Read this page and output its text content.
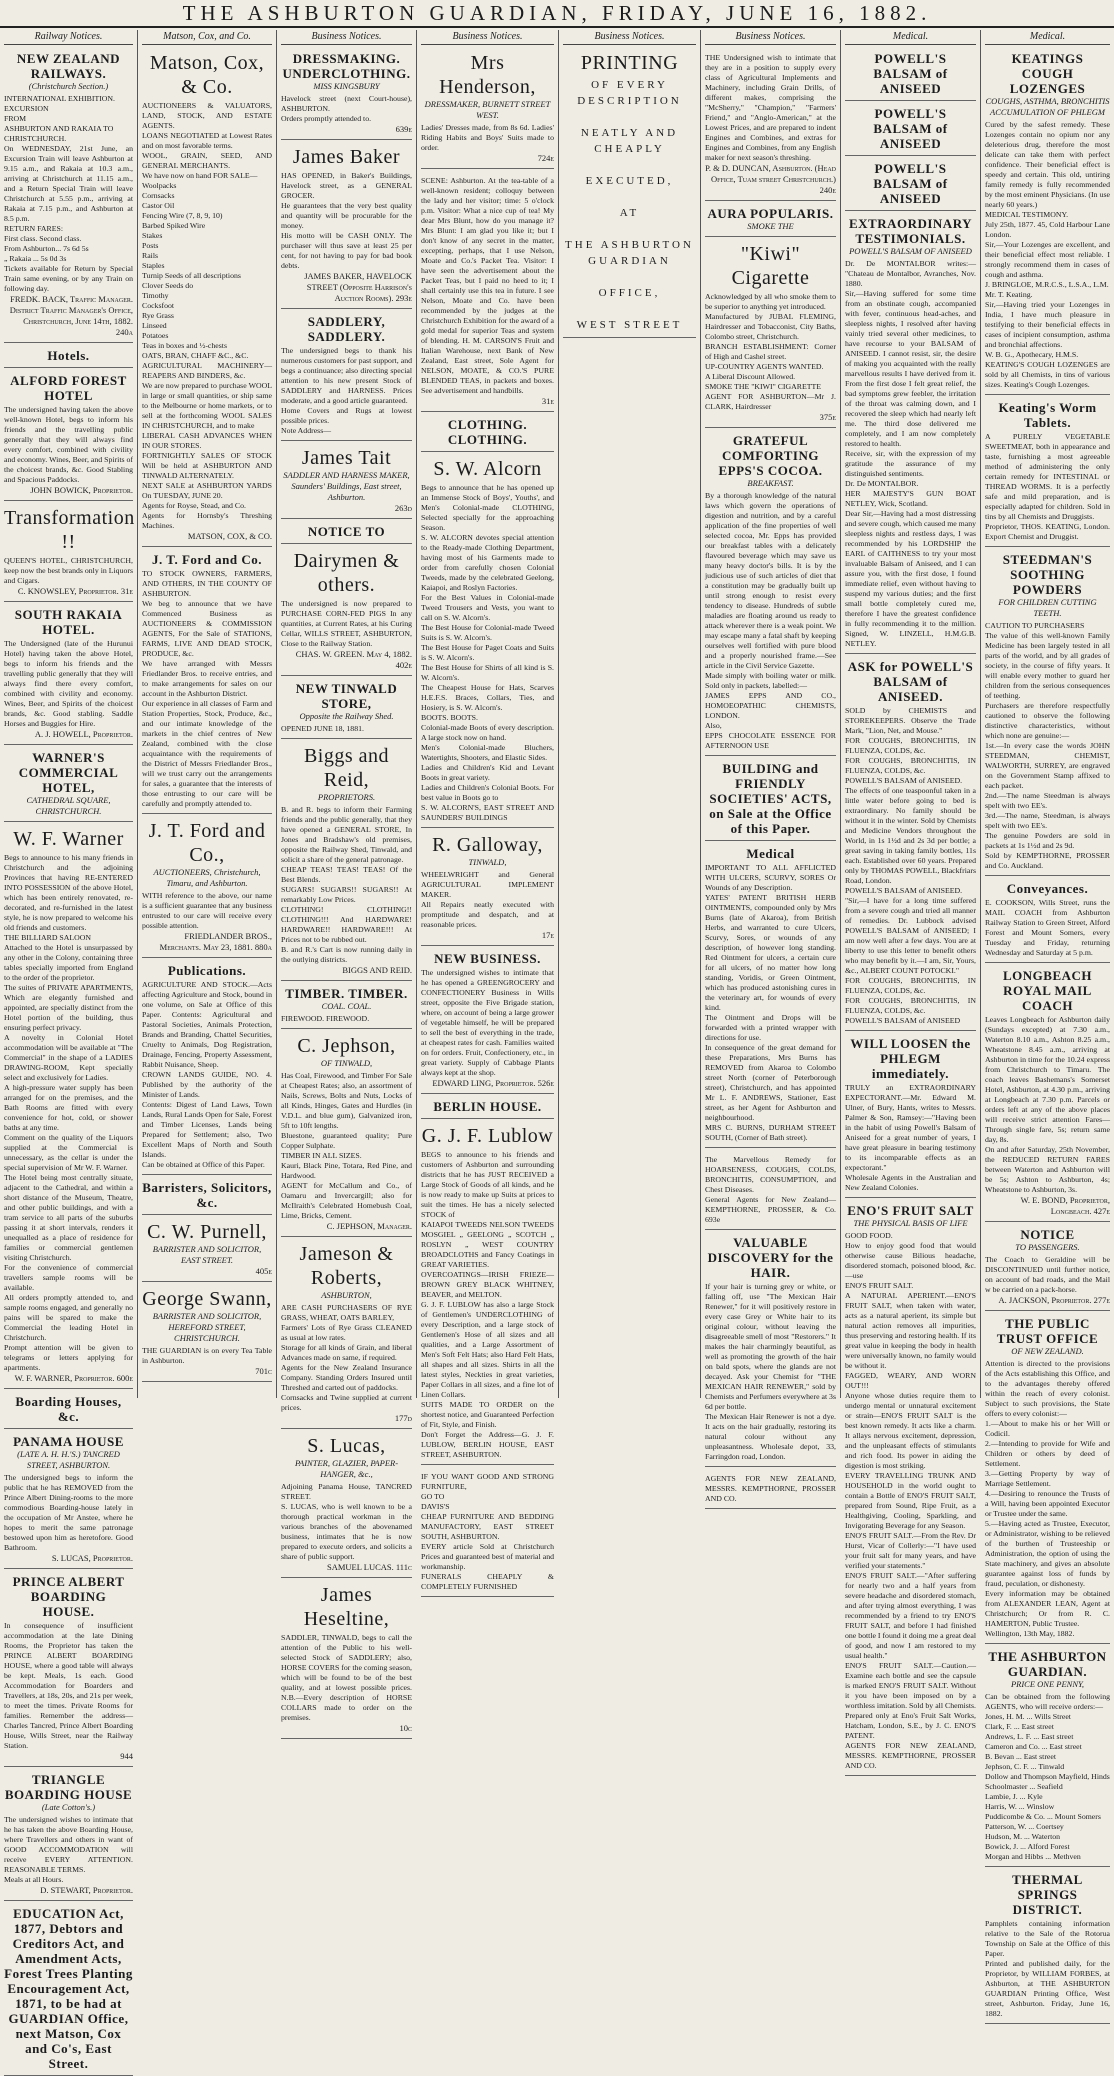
THE ASHBURTON GUARDIAN, FRIDAY, JUNE 16, 1882.
Railway Notices.
NEW ZEALAND RAILWAYS.
(Christchurch Section.)
INTERNATIONAL EXHIBITION.
EXCURSION
FROM
ASHBURTON AND RAKAIA TO
CHRISTCHURCH.
On WEDNESDAY, 21st June, an Excursion Train will leave Ashburton at 9.15 a.m., and Rakaia at 10.3 a.m., arriving at Christchurch at 11.15 a.m., and a Return Special Train will leave Christchurch at 5.55 p.m., arriving at Rakaia at 7.15 p.m., and Ashburton at 8.5 p.m.
RETURN FARES:
First class. Second class.
From Ashburton... 7s 6d 5s
„ Rakaia ... 5s 0d 3s
Tickets available for Return by Special Train same evening, or by any Train on following day.
FREDK. BACK, Traffic Manager. District Traffic Manager's Office, Christchurch, June 14th, 1882. 240a
Hotels.
ALFORD FOREST HOTEL
The undersigned having taken the above well-known Hotel, begs to inform his friends and the travelling public generally that they will always find every comfort, combined with civility and economy. Wines, Beer, and Spirits of the choicest brands, &c. Good Stabling and Spacious Paddocks.
JOHN BOWICK, Proprietor.
Transformation !!
QUEEN'S HOTEL, CHRISTCHURCH, keep now the best brands only in Liquors and Cigars.
C. KNOWSLEY, Proprietor. 31e
SOUTH RAKAIA HOTEL.
The Undersigned (late of the Hurunui Hotel) having taken the above Hotel, begs to inform his friends and the travelling public generally that they will always find there every comfort, combined with civility and economy. Wines, Beer, and Spirits of the choicest brands, &c. Good stabling. Saddle Horses and Buggies for Hire.
A. J. HOWELL, Proprietor.
WARNER'S COMMERCIAL HOTEL,
CATHEDRAL SQUARE, CHRISTCHURCH.
W. F. Warner
Begs to announce to his many friends in Christchurch and the adjoining Provinces that having RE-ENTERED INTO POSSESSION of the above Hotel, which has been entirely renovated, re-decorated, and re-furnished in the latest style, he is now prepared to welcome his old friends and customers.
THE BILLIARD SALOON
Attached to the Hotel is unsurpassed by any other in the Colony, containing three tables specially imported from England to the order of the proprietor.
The suites of PRIVATE APARTMENTS, Which are elegantly furnished and appointed, are specially distinct from the Hotel portion of the building, thus ensuring perfect privacy.
A novelty in Colonial Hotel accommodation will be available at "The Commercial" in the shape of a LADIES DRAWING-ROOM, Kept specially select and exclusively for Ladies.
A high-pressure water supply has been arranged for on the premises, and the Bath Rooms are fitted with every convenience for hot, cold, or shower baths at any time.
Comment on the quality of the Liquors supplied at the Commercial is unnecessary, as the cellar is under the special supervision of Mr W. F. Warner.
The Hotel being most centrally situate, adjacent to the Cathedral, and within a short distance of the Museum, Theatre, and other public buildings, and with a tram service to all parts of the suburbs passing it at short intervals, renders it unequalled as a place of residence for families or commercial gentlemen visiting Christchurch.
For the convenience of commercial travellers sample rooms will be available.
All orders promptly attended to, and sample rooms engaged, and generally no pains will be spared to make the Commercial the leading Hotel in Christchurch.
Prompt attention will be given to telegrams or letters applying for apartments.
W. F. WARNER, Proprietor. 600e
Boarding Houses, &c.
PANAMA HOUSE
(LATE A. H. H.'S.) TANCRED STREET, ASHBURTON.
The undersigned begs to inform the public that he has REMOVED from the Prince Albert Dining-rooms to the more commodious Boarding-house lately in the occupation of Mr Anstee, where he hopes to merit the same patronage bestowed upon him as heretofore. Good Bathroom.
S. LUCAS, Proprietor.
PRINCE ALBERT BOARDING HOUSE.
In consequence of insufficient accommodation at the late Dining Rooms, the Proprietor has taken the PRINCE ALBERT BOARDING HOUSE, where a good table will always be kept. Meals, 1s each. Good Accommodation for Boarders and Travellers, at 18s, 20s, and 21s per week, to meet the times. Private Rooms for families. Remember the address—Charles Tancred, Prince Albert Boarding House, Wills Street, near the Railway Station.
944
TRIANGLE BOARDING HOUSE
(Late Cotton's.)
The undersigned wishes to intimate that he has taken the above Boarding House, where Travellers and others in want of GOOD ACCOMMODATION will receive EVERY ATTENTION. REASONABLE TERMS.
Meals at all Hours.
D. STEWART, Proprietor.
EDUCATION Act, 1877, Debtors and Creditors Act, and Amendment Acts, Forest Trees Planting Encouragement Act, 1871, to be had at GUARDIAN Office, next Matson, Cox and Co's, East Street.
Matson, Cox, and Co.
Matson, Cox, & Co.
AUCTIONEERS & VALUATORS, LAND, STOCK, AND ESTATE AGENTS.
LOANS NEGOTIATED at Lowest Rates and on most favorable terms.
WOOL, GRAIN, SEED, AND GENERAL MERCHANTS.
We have now on hand FOR SALE—
Woolpacks
Cornsacks
Castor Oil
Fencing Wire (7, 8, 9, 10)
Barbed Spiked Wire
Stakes
Posts
Rails
Staples
Turnip Seeds of all descriptions
Clover Seeds do
Timothy
Cocksfoot
Rye Grass
Linseed
Potatoes
Teas in boxes and ½-chests
OATS, BRAN, CHAFF &C., &C.
AGRICULTURAL MACHINERY—REAPERS AND BINDERS, &c.
We are now prepared to purchase WOOL in large or small quantities, or ship same to the Melbourne or home markets, or to sell at the forthcoming WOOL SALES IN CHRISTCHURCH, and to make
LIBERAL CASH ADVANCES WHEN IN OUR STORES.
FORTNIGHTLY SALES OF STOCK Will be held at ASHBURTON AND TINWALD ALTERNATELY.
NEXT SALE at ASHBURTON YARDS On TUESDAY, JUNE 20.
Agents for Royse, Stead, and Co.
Agents for Hornsby's Threshing Machines.
MATSON, COX, & CO.
J. T. Ford and Co.
TO STOCK OWNERS, FARMERS, AND OTHERS, IN THE COUNTY OF ASHBURTON.
We beg to announce that we have Commenced Business as AUCTIONEERS & COMMISSION AGENTS, For the Sale of STATIONS, FARMS, LIVE AND DEAD STOCK, PRODUCE, &c.
We have arranged with Messrs Friedlander Bros. to receive entries, and to make arrangements for sales on our account in the Ashburton District.
Our experience in all classes of Farm and Station Properties, Stock, Produce, &c., and our intimate knowledge of the markets in the chief centres of New Zealand, combined with the close acquaintance with the requirements of the District of Messrs Friedlander Bros., will we trust carry out the arrangements for sales, a guarantee that the interests of those entrusting to our care will be carefully and promptly attended to.
J. T. Ford and Co.,
AUCTIONEERS, Christchurch, Timaru, and Ashburton.
WITH reference to the above, our name is a sufficient guarantee that any business entrusted to our care will receive every possible attention.
FRIEDLANDER BROS., Merchants. May 23, 1881. 880a
Publications.
AGRICULTURE AND STOCK.—Acts affecting Agriculture and Stock, bound in one volume, on Sale at Office of this Paper. Contents: Agricultural and Pastoral Societies, Animals Protection, Brands and Branding, Chattel Securities, Cruelty to Animals, Dog Registration, Drainage, Fencing, Property Assessment, Rabbit Nuisance, Sheep.
CROWN LANDS GUIDE, NO. 4. Published by the authority of the Minister of Lands.
Contents: Digest of Land Laws, Town Lands, Rural Lands Open for Sale, Forest and Timber Licenses, Lands being Prepared for Settlement; also, Two Excellent Maps of North and South Islands.
Can be obtained at Office of this Paper.
Barristers, Solicitors, &c.
C. W. Purnell,
BARRISTER AND SOLICITOR, EAST STREET.
405e
George Swann,
BARRISTER AND SOLICITOR, HEREFORD STREET, CHRISTCHURCH.
THE GUARDIAN is on every Tea Table in Ashburton.
701c
Business Notices.
DRESSMAKING. UNDERCLOTHING.
MISS KINGSBURY
Havelock street (next Court-house), ASHBURTON.
Orders promptly attended to.
639e
James Baker
HAS OPENED, in Baker's Buildings, Havelock street, as a GENERAL GROCER.
He guarantees that the very best quality and quantity will be procurable for the money.
His motto will be CASH ONLY. The purchaser will thus save at least 25 per cent, for not having to pay for bad book debts.
JAMES BAKER, HAVELOCK STREET (Opposite Harrison's Auction Rooms). 293e
SADDLERY, SADDLERY.
The undersigned begs to thank his numerous customers for past support, and begs a continuance; also directing special attention to his new present Stock of SADDLERY and HARNESS. Prices moderate, and a good article guaranteed.
Home Covers and Rugs at lowest possible prices.
Note Address—
James Tait
SADDLER AND HARNESS MAKER, Saunders' Buildings, East street, Ashburton.
263d
NOTICE TO
Dairymen & others.
The undersigned is now prepared to PURCHASE CORN-FED PIGS In any quantities, at Current Rates, at his Curing Cellar, WILLS STREET, ASHBURTON, Close to the Railway Station.
CHAS. W. GREEN. May 4, 1882. 402e
NEW TINWALD STORE,
Opposite the Railway Shed.
OPENED JUNE 18, 1881.
Biggs and Reid,
PROPRIETORS.
B. and R. begs to inform their Farming friends and the public generally, that they have opened a GENERAL STORE, In Jones and Bradshaw's old premises, opposite the Railway Shed, Tinwald, and solicit a share of the general patronage.
CHEAP TEAS! TEAS! TEAS! Of the Best Blends.
SUGARS! SUGARS!! SUGARS!! At remarkably Low Prices.
CLOTHING! CLOTHING!! CLOTHING!!! And HARDWARE! HARDWARE!! HARDWARE!!! At Prices not to be rubbed out.
B. and R.'s Cart is now running daily in the outlying districts.
BIGGS AND REID.
TIMBER. TIMBER.
COAL. COAL.
FIREWOOD. FIREWOOD.
C. Jephson,
OF TINWALD,
Has Coal, Firewood, and Timber For Sale at Cheapest Rates; also, an assortment of Nails, Screws, Bolts and Nuts, Locks of all Kinds, Hinges, Gates and Hurdles (in V.D.L. and blue gum), Galvanized iron, 5ft to 10ft lengths.
Bluestone, guaranteed quality; Pure Copper Sulphate.
TIMBER IN ALL SIZES.
Kauri, Black Pine, Totara, Red Pine, and Hardwood.
AGENT for McCallum and Co., of Oamaru and Invercargill; also for McIlraith's Celebrated Homebush Coal, Lime, Bricks, Cement.
C. JEPHSON, Manager.
Jameson & Roberts,
ASHBURTON,
ARE CASH PURCHASERS OF RYE GRASS, WHEAT, OATS BARLEY,
Farmers' Lots of Rye Grass CLEANED as usual at low rates.
Storage for all kinds of Grain, and liberal Advances made on same, if required.
Agents for the New Zealand Insurance Company. Standing Orders Insured until Threshed and carted out of paddocks.
Cornsacks and Twine supplied at current prices.
177d
S. Lucas,
PAINTER, GLAZIER, PAPER-HANGER, &c.,
Adjoining Panama House, TANCRED STREET.
S. LUCAS, who is well known to be a thorough practical workman in the various branches of the abovenamed business, intimates that he is now prepared to execute orders, and solicits a share of public support.
SAMUEL LUCAS. 111c
James Heseltine,
SADDLER, TINWALD, begs to call the attention of the Public to his well-selected Stock of SADDLERY; also, HORSE COVERS for the coming season, which will be found to be of the best quality, and at lowest possible prices. N.B.—Every description of HORSE COLLARS made to order on the premises.
10c
Business Notices.
Mrs Henderson,
DRESSMAKER, BURNETT STREET WEST.
Ladies' Dresses made, from 8s 6d. Ladies' Riding Habits and Boys' Suits made to order.
724e
SCENE: Ashburton. At the tea-table of a well-known resident; colloquy between the lady and her visitor; time: 5 o'clock p.m. Visitor: What a nice cup of tea! My dear Mrs Blunt, how do you manage it? Mrs Blunt: I am glad you like it; but I don't know of any secret in the matter, excepting, perhaps, that I use Nelson, Moate and Co.'s Packet Tea. Visitor: I have seen the advertisement about the Packet Teas, but I paid no heed to it; I shall certainly use this tea in future. I see Nelson, Moate and Co. have been recommended by the judges at the Christchurch Exhibition for the award of a gold medal for superior Teas and system of blending. H. M. CARSON'S Fruit and Italian Warehouse, next Bank of New Zealand, East street, Sole Agent for NELSON, MOATE, & CO.'S PURE BLENDED TEAS, in packets and boxes. See advertisement and handbills.
31e
CLOTHING. CLOTHING.
S. W. Alcorn
Begs to announce that he has opened up an Immense Stock of Boys', Youths', and Men's Colonial-made CLOTHING, Selected specially for the approaching Season.
S. W. ALCORN devotes special attention to the Ready-made Clothing Department, having most of his Garments made to order from carefully chosen Colonial Tweeds, made by the celebrated Geelong, Kaiapoi, and Roslyn Factories.
For the Best Values in Colonial-made Tweed Trousers and Vests, you want to call on S. W. Alcorn's.
The Best House for Colonial-made Tweed Suits is S. W. Alcorn's.
The Best House for Paget Coats and Suits is S. W. Alcorn's.
The Best House for Shirts of all kind is S. W. Alcorn's.
The Cheapest House for Hats, Scarves H.E.F.S. Braces, Collars, Ties, and Hosiery, is S. W. Alcorn's.
BOOTS. BOOTS.
Colonial-made Boots of every description. A large stock now on hand.
Men's Colonial-made Bluchers, Watertights, Shooters, and Elastic Sides.
Ladies and Children's Kid and Levant Boots in great variety.
Ladies and Children's Colonial Boots. For best value in Boots go to
S. W. ALCORN'S, EAST STREET AND SAUNDERS' BUILDINGS
R. Galloway,
TINWALD,
WHEELWRIGHT and General AGRICULTURAL IMPLEMENT MAKER.
All Repairs neatly executed with promptitude and despatch, and at reasonable prices.
17e
NEW BUSINESS.
The undersigned wishes to intimate that he has opened a GREENGROCERY and CONFECTIONERY Business in Wills street, opposite the Five Brigade station, where, on account of being a large grower of vegetable himself, he will be prepared to sell the best of everything in the trade, at cheapest rates for cash. Families waited on for orders. Fruit, Confectionery, etc., in great variety. Supply of Cabbage Plants always kept at the shop.
EDWARD LING, Proprietor. 526e
BERLIN HOUSE.
G. J. F. Lublow
BEGS to announce to his friends and customers of Ashburton and surrounding districts that he has JUST RECEIVED a Large Stock of Goods of all kinds, and he is now ready to make up Suits at prices to suit the times. He has a nicely selected STOCK of
KAIAPOI TWEEDS NELSON TWEEDS MOSGIEL „ GEELONG „ SCOTCH „ ROSLYN „ WEST COUNTRY BROADCLOTHS and Fancy Coatings in GREAT VARIETIES.
OVERCOATINGS—IRISH FRIEZE—BROWN GREY BLACK WHITNEY, BEAVER, and MELTON.
G. J. F. LUBLOW has also a large Stock of Gentlemen's UNDERCLOTHING of every Description, and a large stock of Gentlemen's Hose of all sizes and all qualities, and a Large Assortment of Men's Soft Felt Hats; also Hard Felt Hats, all shapes and all sizes. Shirts in all the latest styles, Neckties in great varieties, Paper Collars in all sizes, and a fine lot of Linen Collars.
SUITS MADE TO ORDER on the shortest notice, and Guaranteed Perfection of Fit, Style, and Finish.
Don't Forget the Address—G. J. F. LUBLOW, BERLIN HOUSE, EAST STREET, ASHBURTON.
IF YOU WANT GOOD AND STRONG FURNITURE,
GO TO
DAVIS'S
CHEAP FURNITURE AND BEDDING MANUFACTORY, EAST STREET SOUTH, ASHBURTON.
EVERY article Sold at Christchurch Prices and guaranteed best of material and workmanship.
FUNERALS CHEAPLY & COMPLETELY FURNISHED
Business Notices.
PRINTING
OF EVERY DESCRIPTION

NEATLY AND CHEAPLY

EXECUTED,

AT

THE ASHBURTON GUARDIAN

OFFICE,

WEST STREET
Business Notices.
THE Undersigned wish to intimate that they are in a position to supply every class of Agricultural Implements and Machinery, including Grain Drills, of different makes, comprising the "McSherry," "Champion," "Farmers' Friend," and "Anglo-American," at the Lowest Prices, and are prepared to indent Engines and Combines, and extras for Engines and Combines, from any English maker for next season's threshing.
P. & D. DUNCAN, Ashburton. (Head Office, Tuam street Christchurch.) 240e
AURA POPULARIS.
SMOKE THE
"Kiwi" Cigarette
Acknowledged by all who smoke them to be superior to anything yet introduced.
Manufactured by JUBAL FLEMING, Hairdresser and Tobacconist, City Baths, Colombo street, Christchurch.
BRANCH ESTABLISHMENT: Corner of High and Cashel street.
UP-COUNTRY AGENTS WANTED.
A Liberal Discount Allowed.
SMOKE THE "KIWI" CIGARETTE
AGENT FOR ASHBURTON—Mr J. CLARK, Hairdresser
375e
GRATEFUL COMFORTING EPPS'S COCOA.
BREAKFAST.
By a thorough knowledge of the natural laws which govern the operations of digestion and nutrition, and by a careful application of the fine properties of well selected cocoa, Mr. Epps has provided our breakfast tables with a delicately flavoured beverage which may save us many heavy doctor's bills. It is by the judicious use of such articles of diet that a constitution may be gradually built up until strong enough to resist every tendency to disease. Hundreds of subtle maladies are floating around us ready to attack wherever there is a weak point. We may escape many a fatal shaft by keeping ourselves well fortified with pure blood and a properly nourished frame.—See article in the Civil Service Gazette.
Made simply with boiling water or milk. Sold only in packets, labelled:—
JAMES EPPS AND CO., HOMOEOPATHIC CHEMISTS, LONDON.
Also,
EPPS CHOCOLATE ESSENCE FOR AFTERNOON USE
BUILDING and FRIENDLY SOCIETIES' ACTS, on Sale at the Office of this Paper.
Medical
IMPORTANT TO ALL AFFLICTED WITH ULCERS, SCURVY, SORES Or Wounds of any Description.
YATES' PATENT BRITISH HERB OINTMENTS, compounded only by Mrs Burns (late of Akaroa), from British Herbs, and warranted to cure Ulcers, Scurvy, Sores, or wounds of any description, of however long standing. Red Ointment for ulcers, a certain cure for all ulcers, of no matter how long standing, Voridis, or Green Ointment, which has produced astonishing cures in the veterinary art, for wounds of every kind.
The Ointment and Drops will be forwarded with a printed wrapper with directions for use.
In consequence of the great demand for these Preparations, Mrs Burns has REMOVED from Akaroa to Colombo street North (corner of Peterborough street), Christchurch, and has appointed Mr L. F. ANDREWS, Stationer, East street, as her Agent for Ashburton and neighbourhood.
MRS C. BURNS, DURHAM STREET SOUTH, (Corner of Bath street).
The Marvellous Remedy for HOARSENESS, COUGHS, COLDS, BRONCHITIS, CONSUMPTION, and Chest Diseases.
General Agents for New Zealand—KEMPTHORNE, PROSSER, & Co. 693e
VALUABLE DISCOVERY for the HAIR.
If your hair is turning grey or white, or falling off, use "The Mexican Hair Renewer," for it will positively restore in every case Grey or White hair to its original colour, without leaving the disagreeable smell of most "Restorers." It makes the hair charmingly beautiful, as well as promoting the growth of the hair on bald spots, where the glands are not decayed. Ask your Chemist for "THE MEXICAN HAIR RENEWER," sold by Chemists and Perfumers everywhere at 3s 6d per bottle.
The Mexican Hair Renewer is not a dye. It acts on the hair gradually, restoring its natural colour without any unpleasantness. Wholesale depot, 33, Farringdon road, London.
AGENTS FOR NEW ZEALAND, MESSRS. KEMPTHORNE, PROSSER AND CO.
Medical.
POWELL'S BALSAM of ANISEED
POWELL'S BALSAM of ANISEED
POWELL'S BALSAM of ANISEED
EXTRAORDINARY TESTIMONIALS.
POWELL'S BALSAM OF ANISEED
Dr. De MONTALBOR writes:— "Chateau de Montalbor, Avranches, Nov. 1880.
Sir,—Having suffered for some time from an obstinate cough, accompanied with fever, continuous head-aches, and sleepless nights, I resolved after having vainly tried several other medicines, to have recourse to your BALSAM of ANISEED. I cannot resist, sir, the desire of making you acquainted with the really marvellous results I have derived from it. From the first dose I felt great relief, the bad symptoms grew feebler, the irritation of the throat was calming down, and I recovered the sleep which had nearly left me. The third dose delivered me completely, and I am now completely restored to health.
Receive, sir, with the expression of my gratitude the assurance of my distinguished sentiments.
Dr. De MONTALBOR.
HER MAJESTY'S GUN BOAT NETLEY, Wick, Scotland.
Dear Sir,—Having had a most distressing and severe cough, which caused me many sleepless nights and restless days, I was recommended by his LORDSHIP the EARL of CAITHNESS to try your most invaluable Balsam of Aniseed, and I can assure you, with the first dose, I found immediate relief, even without having to suspend my various duties; and the first small bottle completely cured me, therefore I have the greatest confidence in fully recommending it to the million. Signed, W. LINZELL, H.M.G.B. NETLEY.
ASK for POWELL'S BALSAM of ANISEED.
SOLD by CHEMISTS and STOREKEEPERS. Observe the Trade Mark, "Lion, Net, and Mouse."
FOR COUGHS, BRONCHITIS, IN FLUENZA, COLDS, &c.
FOR COUGHS, BRONCHITIS, IN FLUENZA, COLDS, &c.
POWELL'S BALSAM of ANISEED.
The effects of one teaspoonful taken in a little water before going to bed is extraordinary. No family should be without it in the winter. Sold by Chemists and Medicine Vendors throughout the World, in 1s 1½d and 2s 3d per bottle; a great saving in taking family bottles, 11s each. Established over 60 years. Prepared only by THOMAS POWELL, Blackfriars Road, London.
POWELL'S BALSAM of ANISEED.
"Sir,—I have for a long time suffered from a severe cough and tried all manner of remedies. Dr. Lubbock advised POWELL'S BALSAM of ANISEED; I am now well after a few days. You are at liberty to use this letter to benefit others who may benefit by it.—I am, Sir, Yours, &c., ALBERT COUNT POTOCKI."
FOR COUGHS, BRONCHITIS, IN FLUENZA, COLDS, &c.
FOR COUGHS, BRONCHITIS, IN FLUENZA, COLDS, &c.
POWELL'S BALSAM of ANISEED
WILL LOOSEN the PHLEGM immediately.
TRULY an EXTRAORDINARY EXPECTORANT.—Mr. Edward M. Ulner, of Bury, Hants, writes to Messrs. Palmer & Son, Ramsey:—"Having been in the habit of using Powell's Balsam of Aniseed for a great number of years, I have great pleasure in bearing testimony to its incomparable effects as an expectorant."
Wholesale Agents in the Australian and New Zealand Colonies.
ENO'S FRUIT SALT
THE PHYSICAL BASIS OF LIFE
GOOD FOOD.
How to enjoy good food that would otherwise cause Bilious headache, disordered stomach, poisoned blood, &c.—use
ENO'S FRUIT SALT.
A NATURAL APERIENT.—ENO'S FRUIT SALT, when taken with water, acts as a natural aperient, its simple but natural action removes all impurities, thus preserving and restoring health. If its great value in keeping the body in health were universally known, no family would be without it.
FAGGED, WEARY, AND WORN OUT!!!
Anyone whose duties require them to undergo mental or unnatural excitement or strain—ENO'S FRUIT SALT is the best known remedy. It acts like a charm. It allays nervous excitement, depression, and the unpleasant effects of stimulants and rich food. Its power in aiding the digestion is most striking.
EVERY TRAVELLING TRUNK AND HOUSEHOLD in the world ought to contain a Bottle of ENO'S FRUIT SALT, prepared from Sound, Ripe Fruit, as a Healthgiving, Cooling, Sparkling, and Invigorating Beverage for any Season.
ENO'S FRUIT SALT.—From the Rev. Dr Hurst, Vicar of Collerly:—"I have used your fruit salt for many years, and have verified your statements."
ENO'S FRUIT SALT.—"After suffering for nearly two and a half years from severe headache and disordered stomach, and after trying almost everything, I was recommended by a friend to try ENO'S FRUIT SALT, and before I had finished one bottle I found it doing me a great deal of good, and now I am restored to my usual health."
ENO'S FRUIT SALT.—Caution.—Examine each bottle and see the capsule is marked ENO'S FRUIT SALT. Without it you have been imposed on by a worthless imitation. Sold by all Chemists. Prepared only at Eno's Fruit Salt Works, Hatcham, London, S.E., by J. C. ENO'S PATENT.
AGENTS FOR NEW ZEALAND, MESSRS. KEMPTHORNE, PROSSER AND CO.
Medical.
KEATINGS COUGH LOZENGES
COUGHS, ASTHMA, BRONCHITIS ACCUMULATION OF PHLEGM
Cured by the safest remedy. These Lozenges contain no opium nor any deleterious drug, therefore the most delicate can take them with perfect confidence. Their beneficial effect is speedy and certain. This old, untiring family remedy is fully recommended by the most eminent Physicians. (In use nearly 60 years.)
MEDICAL TESTIMONY.
July 25th, 1877. 45, Cold Harbour Lane London.
Sir,—Your Lozenges are excellent, and their beneficial effect most reliable. I strongly recommend them in cases of cough and asthma.
J. BRINGLOE, M.R.C.S., L.S.A., L.M.
Mr. T. Keating.
Sir,—Having tried your Lozenges in India, I have much pleasure in testifying to their beneficial effects in cases of incipient consumption, asthma and bronchial affections.
W. B. G., Apothecary, H.M.S.
KEATING'S COUGH LOZENGES are sold by all Chemists, in tins of various sizes. Keating's Cough Lozenges.
Keating's Worm Tablets.
A PURELY VEGETABLE SWEETMEAT, both in appearance and taste, furnishing a most agreeable method of administering the only certain remedy for INTESTINAL or THREAD WORMS. It is a perfectly safe and mild preparation, and is especially adapted for children. Sold in tins by all Chemists and Druggists.
Proprietor, THOS. KEATING, London. Export Chemist and Druggist.
STEEDMAN'S SOOTHING POWDERS
FOR CHILDREN CUTTING TEETH.
CAUTION TO PURCHASERS
The value of this well-known Family Medicine has been largely tested in all parts of the world, and by all grades of society, in the course of fifty years. It will enable every mother to guard her children from the serious consequences of teething.
Purchasers are therefore respectfully cautioned to observe the following distinctive characteristics, without which none are genuine:—
1st.—In every case the words JOHN STEEDMAN, CHEMIST, WALWORTH, SURREY, are engraved on the Government Stamp affixed to each packet.
2nd.—The name Steedman is always spelt with two EE's.
3rd.—The name, Steedman, is always spelt with two EE's.
The genuine Powders are sold in packets at 1s 1½d and 2s 9d.
Sold by KEMPTHORNE, PROSSER and Co. Auckland.
Conveyances.
E. COOKSON, Wills Street, runs the MAIL COACH from Ashburton Railway Station to Green Street, Alford Forest and Mount Somers, every Tuesday and Friday, returning Wednesday and Saturday at 5 p.m.
LONGBEACH ROYAL MAIL COACH
Leaves Longbeach for Ashburton daily (Sundays excepted) at 7.30 a.m., Waterton 8.10 a.m., Ashton 8.25 a.m., Wheatstone 8.45 a.m., arriving at Ashburton in time for the 10.24 express from Christchurch to Timaru. The coach leaves Bashemans's Somerset Hotel, Ashburton, at 4.30 p.m., arriving at Longbeach at 7.30 p.m. Parcels or orders left at any of the above places will receive strict attention Fares—Through single fare, 5s; return same day, 8s.
On and after Saturday, 25th November, the REDUCED RETURN FARES between Waterton and Ashburton will be 5s; Ashton to Ashburton, 4s; Wheatstone to Ashburton, 3s.
W. E. BOND, Proprietor, Longbeach. 427e
NOTICE
TO PASSENGERS.
The Coach to Geraldine will be DISCONTINUED until further notice, on account of bad roads, and the Mail w be carried on a pack-horse.
A. JACKSON, Proprietor. 277e
THE PUBLIC TRUST OFFICE
OF NEW ZEALAND.
Attention is directed to the provisions of the Acts establishing this Office, and to the advantages thereby offered within the reach of every colonist. Subject to such provisions, the State offers to every colonist:—
1.—About to make his or her Will or Codicil.
2.—Intending to provide for Wife and Children or others by deed of Settlement.
3.—Getting Property by way of Marriage Settlement.
4.—Desiring to renounce the Trusts of a Will, having been appointed Executor or Trustee under the same.
5.—Having acted as Trustee, Executor, or Administrator, wishing to be relieved of the burthen of Trusteeship or Administration, the option of using the State machinery, and gives an absolute guarantee against loss of funds by fraud, peculation, or dishonesty.
Every information may be obtained from ALEXANDER LEAN, Agent at Christchurch; Or from R. C. HAMERTON, Public Trustee.
Wellington, 13th May, 1882.
THE ASHBURTON GUARDIAN.
PRICE ONE PENNY,
Can be obtained from the following AGENTS, who will receive orders:—
Jones, H. M. ... Wills Street
Clark, F. ... East street
Andrews, L. F. ... East street
Cameron and Co. ... East street
B. Bevan ... East street
Jephson, C. F. ... Tinwald
Dollow and Thompson Mayfield, Hinds
Schoolmaster ... Seafield
Lambie, J. ... Kyle
Harris, W. ... Winslow
Puddicombe & Co. ... Mount Somers
Patterson, W. ... Coertsey
Hudson, M. ... Waterton
Bowick, J. ... Alford Forest
Morgan and Hibbs ... Methven
THERMAL SPRINGS DISTRICT.
Pamphlets containing information relative to the Sale of the Rotorua Township on Sale at the Office of this Paper.
Printed and published daily, for the Proprietor, by WILLIAM FORBES, at Ashburton, at THE ASHBURTON GUARDIAN Printing Office, West street, Ashburton. Friday, June 16, 1882.
